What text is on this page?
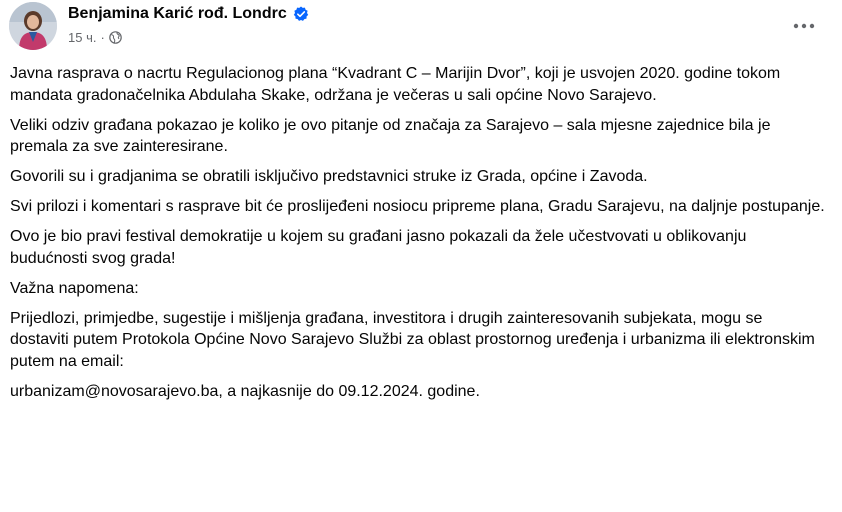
Benjamina Karić rođ. Londrc
15 ч. ·

Javna rasprava o nacrtu Regulacionog plana “Kvadrant C – Marijin Dvor”, koji je usvojen 2020. godine tokom mandata gradonačelnika Abdulaha Skake, održana je večeras u sali općine Novo Sarajevo.

Veliki odziv građana pokazao je koliko je ovo pitanje od značaja za Sarajevo – sala mjesne zajednice bila je premala za sve zainteresirane.

Govorili su i gradjanima se obratili isključivo predstavnici struke iz Grada, općine i Zavoda.

Svi prilozi i komentari s rasprave bit će proslijeđeni nosiocu pripreme plana, Gradu Sarajevu, na daljnje postupanje.

Ovo je bio pravi festival demokratije u kojem su građani jasno pokazali da žele učestvovati u oblikovanju budućnosti svog grada!

Važna napomena:

Prijedlozi, primjedbe, sugestije i mišljenja građana, investitora i drugih zainteresovanih subjekata, mogu se dostaviti putem Protokola Općine Novo Sarajevo Službi za oblast prostornog uređenja i urbanizma ili elektronskim putem na email:

urbanizam@novosarajevo.ba, a najkasnije do 09.12.2024. godine.
